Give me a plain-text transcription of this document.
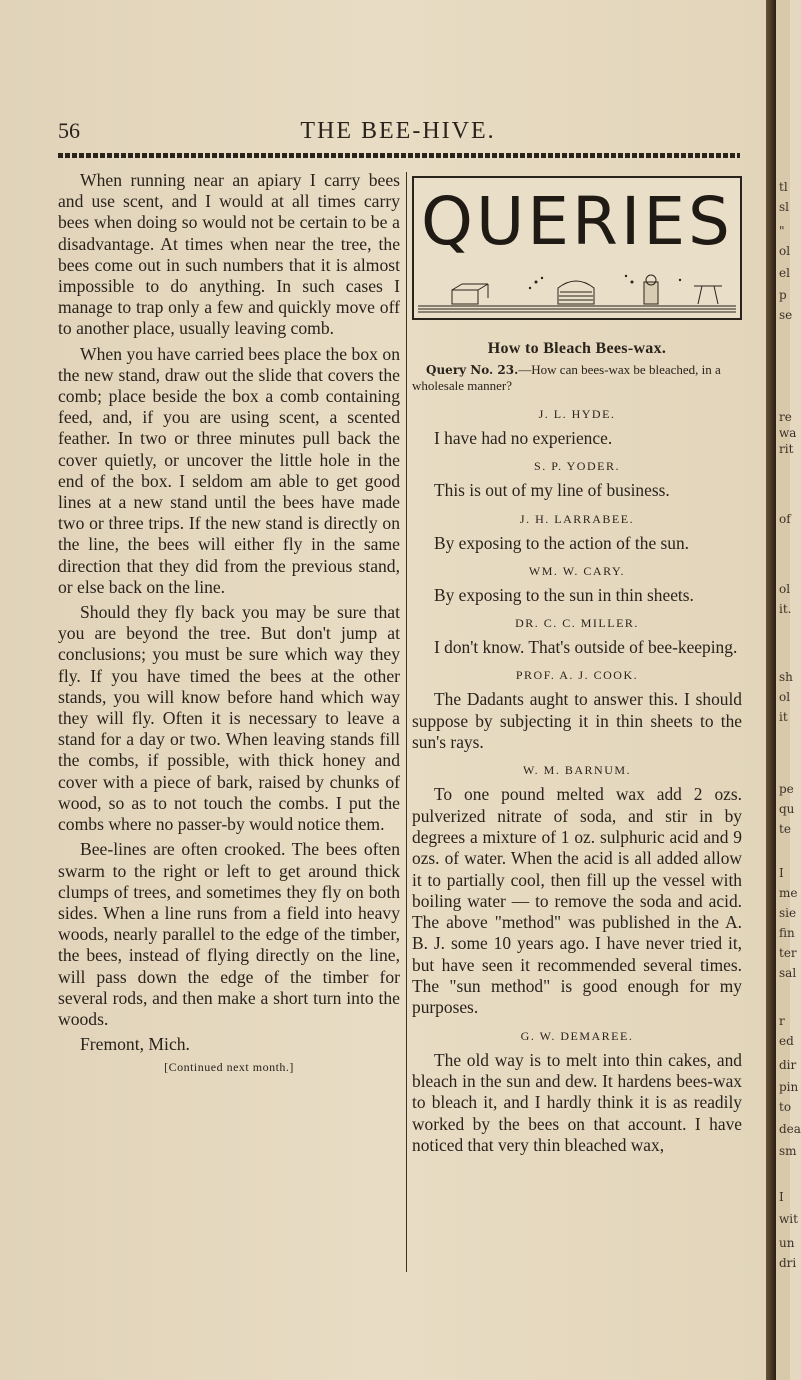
56	THE BEE-HIVE.

When running near an apiary I carry bees and use scent, and I would at all times carry bees when doing so would not be certain to be a disadvantage. At times when near the tree, the bees come out in such numbers that it is almost impossible to do anything. In such cases I manage to trap only a few and quickly move off to another place, usually leaving comb.

When you have carried bees place the box on the new stand, draw out the slide that covers the comb; place beside the box a comb containing feed, and, if you are using scent, a scented feather. In two or three minutes pull back the cover quietly, or uncover the little hole in the end of the box. I seldom am able to get good lines at a new stand until the bees have made two or three trips. If the new stand is directly on the line, the bees will either fly in the same direction that they did from the previous stand, or else back on the line.

Should they fly back you may be sure that you are beyond the tree. But don't jump at conclusions; you must be sure which way they fly. If you have timed the bees at the other stands, you will know before hand which way they will fly. Often it is necessary to leave a stand for a day or two. When leaving stands fill the combs, if possible, with thick honey and cover with a piece of bark, raised by chunks of wood, so as to not touch the combs. I put the combs where no passer-by would notice them.

Bee-lines are often crooked. The bees often swarm to the right or left to get around thick clumps of trees, and sometimes they fly on both sides. When a line runs from a field into heavy woods, nearly parallel to the edge of the timber, the bees, instead of flying directly on the line, will pass down the edge of the timber for several rods, and then make a short turn into the woods.

Fremont, Mich.

[Continued next month.]

QUERIES
How to Bleach Bees-wax.

Query No. 23.—How can bees-wax be bleached, in a wholesale manner?

J. L. HYDE.

I have had no experience.

S. P. YODER.

This is out of my line of business.

J. H. LARRABEE.

By exposing to the action of the sun.

WM. W. CARY.

By exposing to the sun in thin sheets.

DR. C. C. MILLER.

I don't know. That's outside of bee-keeping.

PROF. A. J. COOK.

The Dadants aught to answer this. I should suppose by subjecting it in thin sheets to the sun's rays.

W. M. BARNUM.

To one pound melted wax add 2 ozs. pulverized nitrate of soda, and stir in by degrees a mixture of 1 oz. sulphuric acid and 9 ozs. of water. When the acid is all added allow it to partially cool, then fill up the vessel with boiling water — to remove the soda and acid. The above "method" was published in the A. B. J. some 10 years ago. I have never tried it, but have seen it recommended several times. The "sun method" is good enough for my purposes.

G. W. DEMAREE.

The old way is to melt into thin cakes, and bleach in the sun and dew. It hardens bees-wax to bleach it, and I hardly think it is as readily worked by the bees on that account. I have noticed that very thin bleached wax,

tl
sl
"
ol
el
p
se
re
wa
rit
of
ol
it.
sh
ol
it
pe
qu
te
I
me
sie
fin
ter
sal
r
ed
dir
pin
to
dea
sm
I
wit
un
dri
